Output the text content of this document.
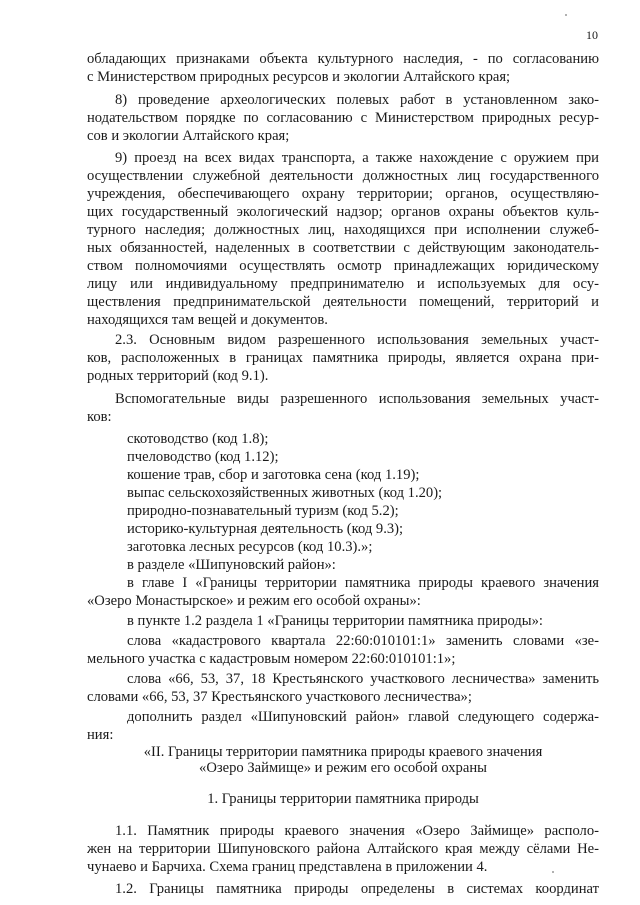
10
обладающих признаками объекта культурного наследия, - по согласованию
с Министерством природных ресурсов и экологии Алтайского края;
8) проведение археологических полевых работ в установленном зако-
нодательством порядке по согласованию с Министерством природных ресур-
сов и экологии Алтайского края;
9) проезд на всех видах транспорта, а также нахождение с оружием при
осуществлении служебной деятельности должностных лиц государственного
учреждения, обеспечивающего охрану территории; органов, осуществляю-
щих государственный экологический надзор; органов охраны объектов куль-
турного наследия; должностных лиц, находящихся при исполнении служеб-
ных обязанностей, наделенных в соответствии с действующим законодатель-
ством полномочиями осуществлять осмотр принадлежащих юридическому
лицу или индивидуальному предпринимателю и используемых для осу-
ществления предпринимательской деятельности помещений, территорий и
находящихся там вещей и документов.
2.3. Основным видом разрешенного использования земельных участ-
ков, расположенных в границах памятника природы, является охрана при-
родных территорий (код 9.1).
Вспомогательные виды разрешенного использования земельных участ-
ков:
скотоводство (код 1.8);
пчеловодство (код 1.12);
кошение трав, сбор и заготовка сена (код 1.19);
выпас сельскохозяйственных животных (код 1.20);
природно-познавательный туризм (код 5.2);
историко-культурная деятельность (код 9.3);
заготовка лесных ресурсов (код 10.3).»;
в разделе «Шипуновский район»:
в главе I «Границы территории памятника природы краевого значения
«Озеро Монастырское» и режим его особой охраны»:
в пункте 1.2 раздела 1 «Границы территории памятника природы»:
слова «кадастрового квартала 22:60:010101:1» заменить словами «зе-
мельного участка с кадастровым номером 22:60:010101:1»;
слова «66, 53, 37, 18 Крестьянского участкового лесничества» заменить
словами «66, 53, 37 Крестьянского участкового лесничества»;
дополнить раздел «Шипуновский район» главой следующего содержа-
ния:
«II. Границы территории памятника природы краевого значения
«Озеро Займище» и режим его особой охраны
1. Границы территории памятника природы
1.1. Памятник природы краевого значения «Озеро Займище» располо-
жен на территории Шипуновского района Алтайского края между сёлами Не-
чунаево и Барчиха. Схема границ представлена в приложении 4.
1.2. Границы памятника природы определены в системах координат
